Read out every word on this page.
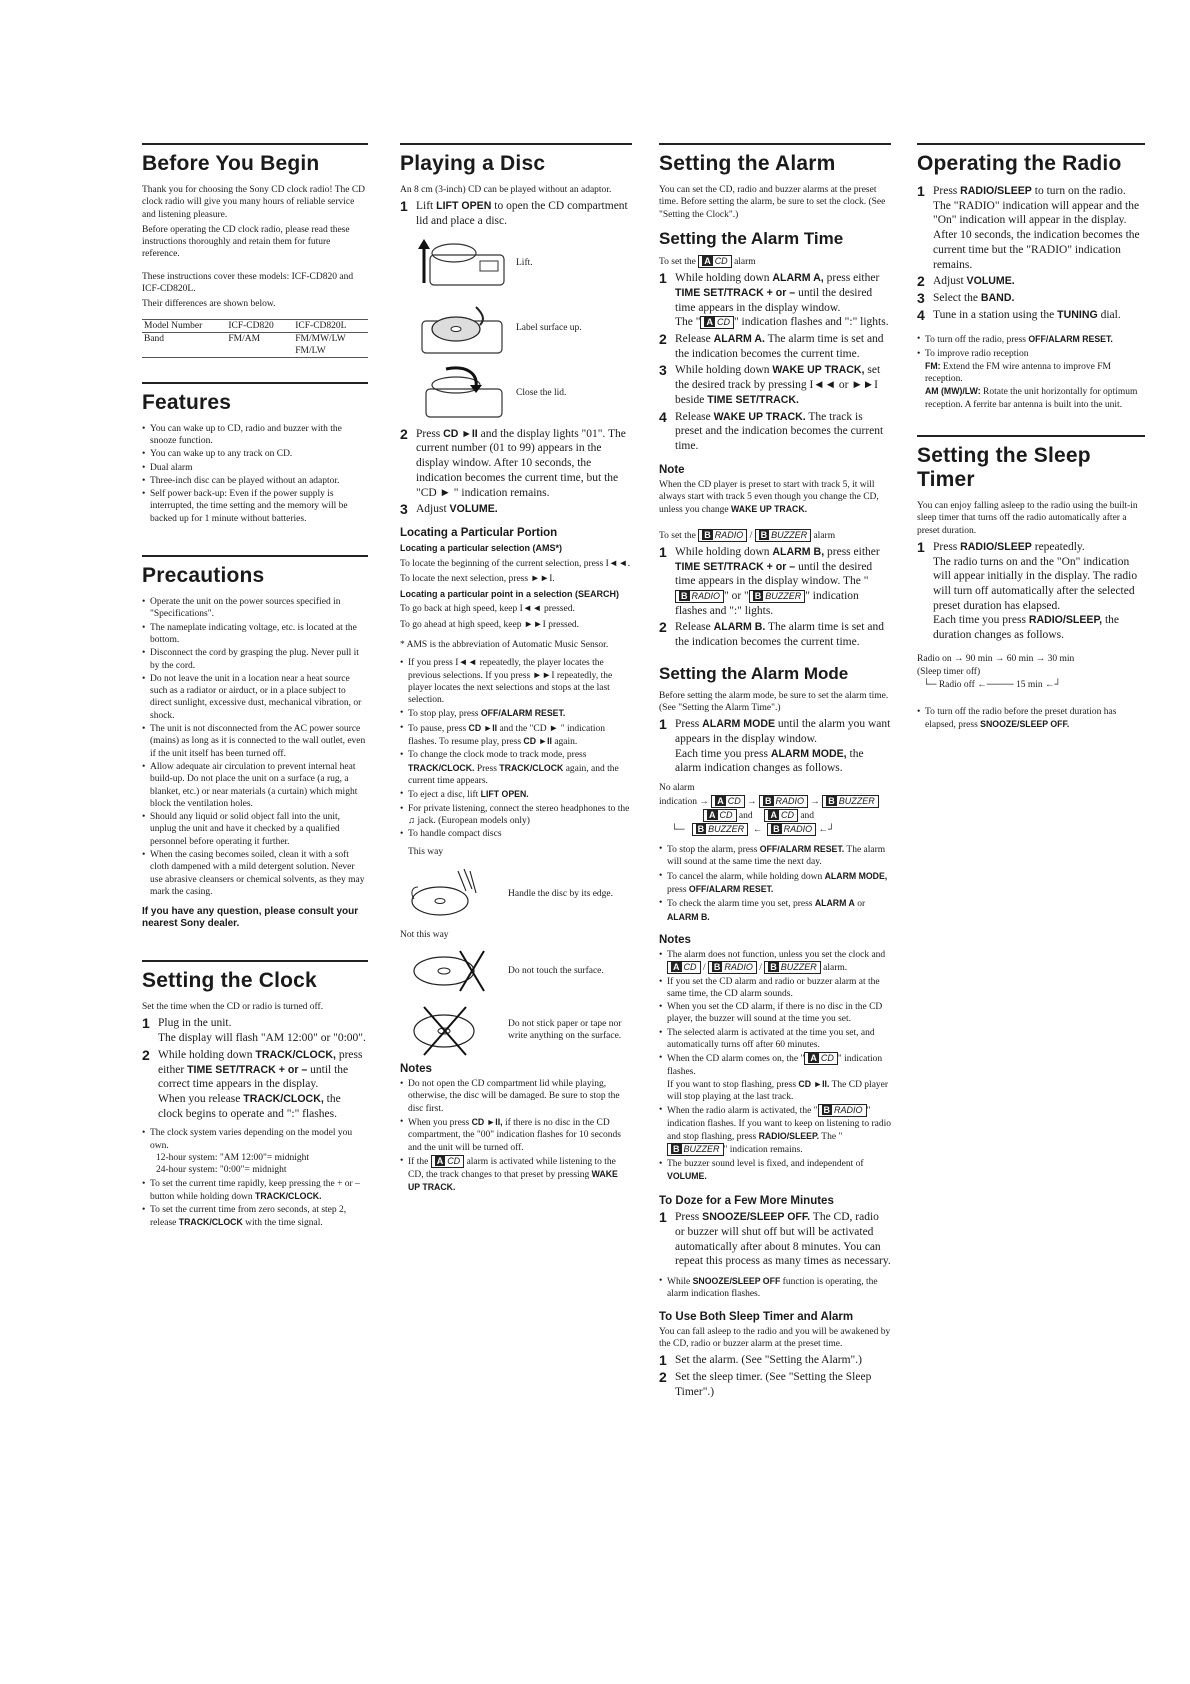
Before You Begin

Thank you for choosing the Sony CD clock radio! The CD clock radio will give you many hours of reliable service and listening pleasure.

Before operating the CD clock radio, please read these instructions thoroughly and retain them for future reference.

These instructions cover these models: ICF-CD820 and ICF-CD820L.

Their differences are shown below.

Model Number	ICF-CD820	ICF-CD820L
Band	FM/AM	FM/MW/LW
		FM/LW
Features
• You can wake up to CD, radio and buzzer with the snooze function.
• You can wake up to any track on CD.
• Dual alarm
• Three-inch disc can be played without an adaptor.
• Self power back-up: Even if the power supply is interrupted, the time setting and the memory will be backed up for 1 minute without batteries.
Precautions
• Operate the unit on the power sources specified in "Specifications".
• The nameplate indicating voltage, etc. is located at the bottom.
• Disconnect the cord by grasping the plug. Never pull it by the cord.
• Do not leave the unit in a location near a heat source such as a radiator or airduct, or in a place subject to direct sunlight, excessive dust, mechanical vibration, or shock.
• The unit is not disconnected from the AC power source (mains) as long as it is connected to the wall outlet, even if the unit itself has been turned off.
• Allow adequate air circulation to prevent internal heat build-up. Do not place the unit on a surface (a rug, a blanket, etc.) or near materials (a curtain) which might block the ventilation holes.
• Should any liquid or solid object fall into the unit, unplug the unit and have it checked by a qualified personnel before operating it further.
• When the casing becomes soiled, clean it with a soft cloth dampened with a mild detergent solution. Never use abrasive cleansers or chemical solvents, as they may mark the casing.

If you have any question, please consult your nearest Sony dealer.

Setting the Clock

Set the time when the CD or radio is turned off.

1 Plug in the unit.
The display will flash "AM 12:00" or "0:00".
2 While holding down TRACK/CLOCK, press either TIME SET/TRACK + or – until the correct time appears in the display.
When you release TRACK/CLOCK, the clock begins to operate and ":" flashes.
• The clock system varies depending on the model you own.
12-hour system: "AM 12:00"= midnight
24-hour system: "0:00"= midnight
• To set the current time rapidly, keep pressing the + or – button while holding down TRACK/CLOCK.
• To set the current time from zero seconds, at step 2, release TRACK/CLOCK with the time signal.
Playing a Disc

An 8 cm (3-inch) CD can be played without an adaptor.

1 Lift LIFT OPEN to open the CD compartment lid and place a disc.
Lift.
Label surface up.
Close the lid.
2 Press CD ►II and the display lights "01". The current number (01 to 99) appears in the display window. After 10 seconds, the indication becomes the current time, but the "CD ► " indication remains.
3 Adjust VOLUME.
Locating a Particular Portion

Locating a particular selection (AMS*)

To locate the beginning of the current selection, press I◄◄.

To locate the next selection, press ►►I.

Locating a particular point in a selection (SEARCH)

To go back at high speed, keep I◄◄ pressed.

To go ahead at high speed, keep ►►I pressed.

* AMS is the abbreviation of Automatic Music Sensor.

• If you press I◄◄ repeatedly, the player locates the previous selections. If you press ►►I repeatedly, the player locates the next selections and stops at the last selection.
• To stop play, press OFF/ALARM RESET.
• To pause, press CD ►II and the "CD ► " indication flashes. To resume play, press CD ►II again.
• To change the clock mode to track mode, press TRACK/CLOCK. Press TRACK/CLOCK again, and the current time appears.
• To eject a disc, lift LIFT OPEN.
• For private listening, connect the stereo headphones to the ♫ jack. (European models only)
• To handle compact discs

This way

Handle the disc by its edge.

Not this way

Do not touch the surface.
Do not stick paper or tape nor write anything on the surface.
Notes
• Do not open the CD compartment lid while playing, otherwise, the disc will be damaged. Be sure to stop the disc first.
• When you press CD ►II, if there is no disc in the CD compartment, the "00" indication flashes for 10 seconds and the unit will be turned off.
• If the A CD alarm is activated while listening to the CD, the track changes to that preset by pressing WAKE UP TRACK.
Setting the Alarm

You can set the CD, radio and buzzer alarms at the preset time. Before setting the alarm, be sure to set the clock. (See "Setting the Clock".)

Setting the Alarm Time

To set the A CD alarm

1 While holding down ALARM A, press either TIME SET/TRACK + or – until the desired time appears in the display window.
The " A CD " indication flashes and ":" lights.
2 Release ALARM A. The alarm time is set and the indication becomes the current time.
3 While holding down WAKE UP TRACK, set the desired track by pressing I◄◄ or ►►I beside TIME SET/TRACK.
4 Release WAKE UP TRACK. The track is preset and the indication becomes the current time.
Note

When the CD player is preset to start with track 5, it will always start with track 5 even though you change the CD, unless you change WAKE UP TRACK.

To set the B RADIO / B BUZZER alarm

1 While holding down ALARM B, press either TIME SET/TRACK + or – until the desired time appears in the display window. The "B RADIO " or " B BUZZER " indication flashes and ":" lights.
2 Release ALARM B. The alarm time is set and the indication becomes the current time.
Setting the Alarm Mode

Before setting the alarm mode, be sure to set the alarm time. (See "Setting the Alarm Time".)

1 Press ALARM MODE until the alarm you want appears in the display window.
Each time you press ALARM MODE, the alarm indication changes as follows.
No alarm
indication → A CD → B RADIO → B BUZZER
A CD and A CD and
└─   B BUZZER  ←  B RADIO ←┘
• To stop the alarm, press OFF/ALARM RESET. The alarm will sound at the same time the next day.
• To cancel the alarm, while holding down ALARM MODE, press OFF/ALARM RESET.
• To check the alarm time you set, press ALARM A or ALARM B.
Notes
• The alarm does not function, unless you set the clock and A CD / B RADIO / B BUZZER alarm.
• If you set the CD alarm and radio or buzzer alarm at the same time, the CD alarm sounds.
• When you set the CD alarm, if there is no disc in the CD player, the buzzer will sound at the time you set.
• The selected alarm is activated at the time you set, and automatically turns off after 60 minutes.
• When the CD alarm comes on, the " A CD " indication flashes.
If you want to stop flashing, press CD ►II. The CD player will stop playing at the last track.
• When the radio alarm is activated, the " B RADIO " indication flashes. If you want to keep on listening to radio and stop flashing, press RADIO/SLEEP. The "B BUZZER " indication remains.
• The buzzer sound level is fixed, and independent of VOLUME.
To Doze for a Few More Minutes
1 Press SNOOZE/SLEEP OFF. The CD, radio or buzzer will shut off but will be activated automatically after about 8 minutes. You can repeat this process as many times as necessary.
• While SNOOZE/SLEEP OFF function is operating, the alarm indication flashes.
To Use Both Sleep Timer and Alarm

You can fall asleep to the radio and you will be awakened by the CD, radio or buzzer alarm at the preset time.

1 Set the alarm. (See "Setting the Alarm".)
2 Set the sleep timer. (See "Setting the Sleep Timer".)
Operating the Radio
1 Press RADIO/SLEEP to turn on the radio.
The "RADIO" indication will appear and the "On" indication will appear in the display. After 10 seconds, the indication becomes the current time but the "RADIO" indication remains.
2 Adjust VOLUME.
3 Select the BAND.
4 Tune in a station using the TUNING dial.
• To turn off the radio, press OFF/ALARM RESET.
• To improve radio reception
FM: Extend the FM wire antenna to improve FM reception.
AM (MW)/LW: Rotate the unit horizontally for optimum reception. A ferrite bar antenna is built into the unit.
Setting the Sleep Timer

You can enjoy falling asleep to the radio using the built-in sleep timer that turns off the radio automatically after a preset duration.

1 Press RADIO/SLEEP repeatedly.
The radio turns on and the "On" indication will appear initially in the display. The radio will turn off automatically after the selected preset duration has elapsed.
Each time you press RADIO/SLEEP, the duration changes as follows.
Radio on → 90 min → 60 min → 30 min
(Sleep timer off)
└─ Radio off ←──── 15 min ←┘
• To turn off the radio before the preset duration has elapsed, press SNOOZE/SLEEP OFF.
